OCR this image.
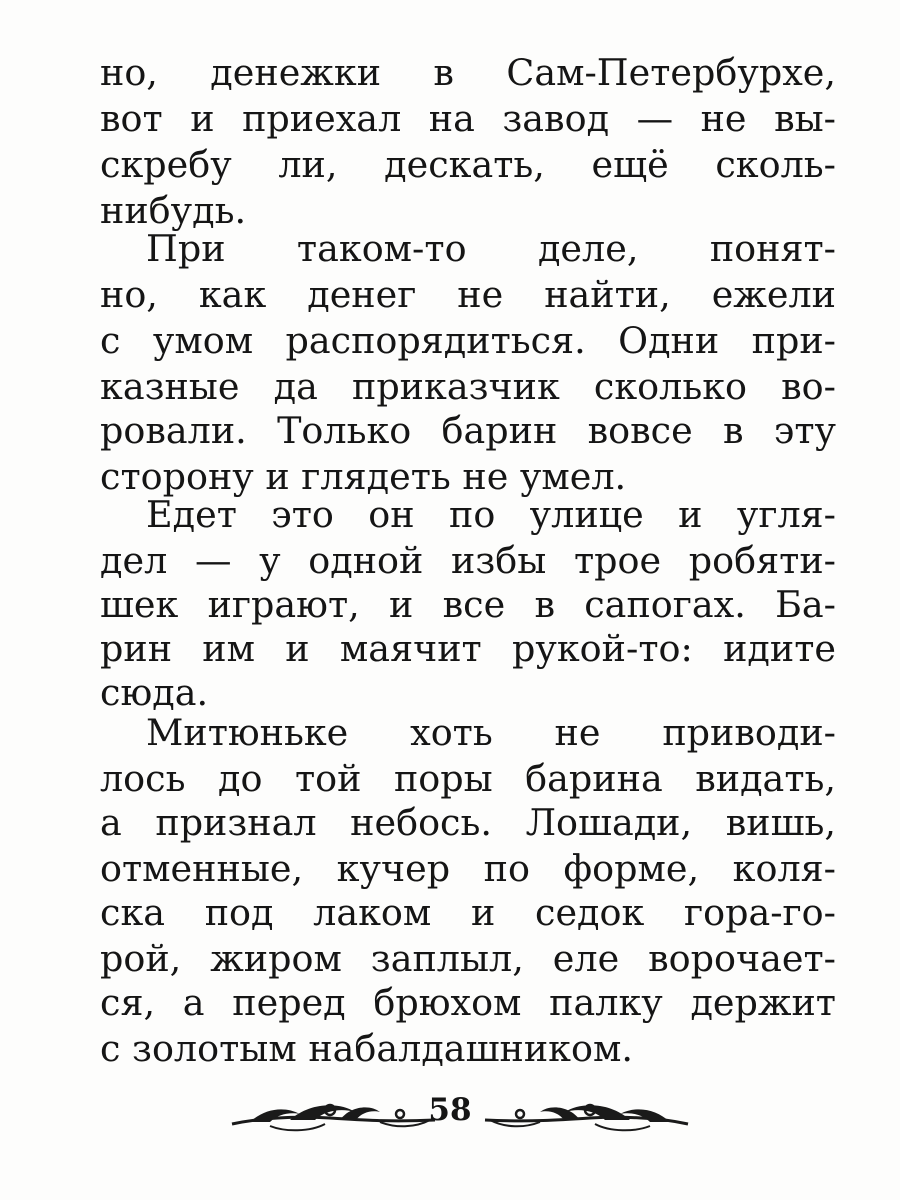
но, денежки в Сам-Петербурхе,
вот и приехал на завод — не вы-
скребу ли, дескать, ещё сколь-
нибудь.
При таком-то деле, понят-
но, как денег не найти, ежели
с умом распорядиться. Одни при-
казные да приказчик сколько во-
ровали. Только барин вовсе в эту
сторону и глядеть не умел.
Едет это он по улице и угля-
дел — у одной избы трое робяти-
шек играют, и все в сапогах. Ба-
рин им и маячит рукой-то: идите
сюда.
Митюньке хоть не приводи-
лось до той поры барина видать,
а признал небось. Лошади, вишь,
отменные, кучер по форме, коля-
ска под лаком и седок гора-го-
рой, жиром заплыл, еле ворочает-
ся, а перед брюхом палку держит
с золотым набалдашником.
58
